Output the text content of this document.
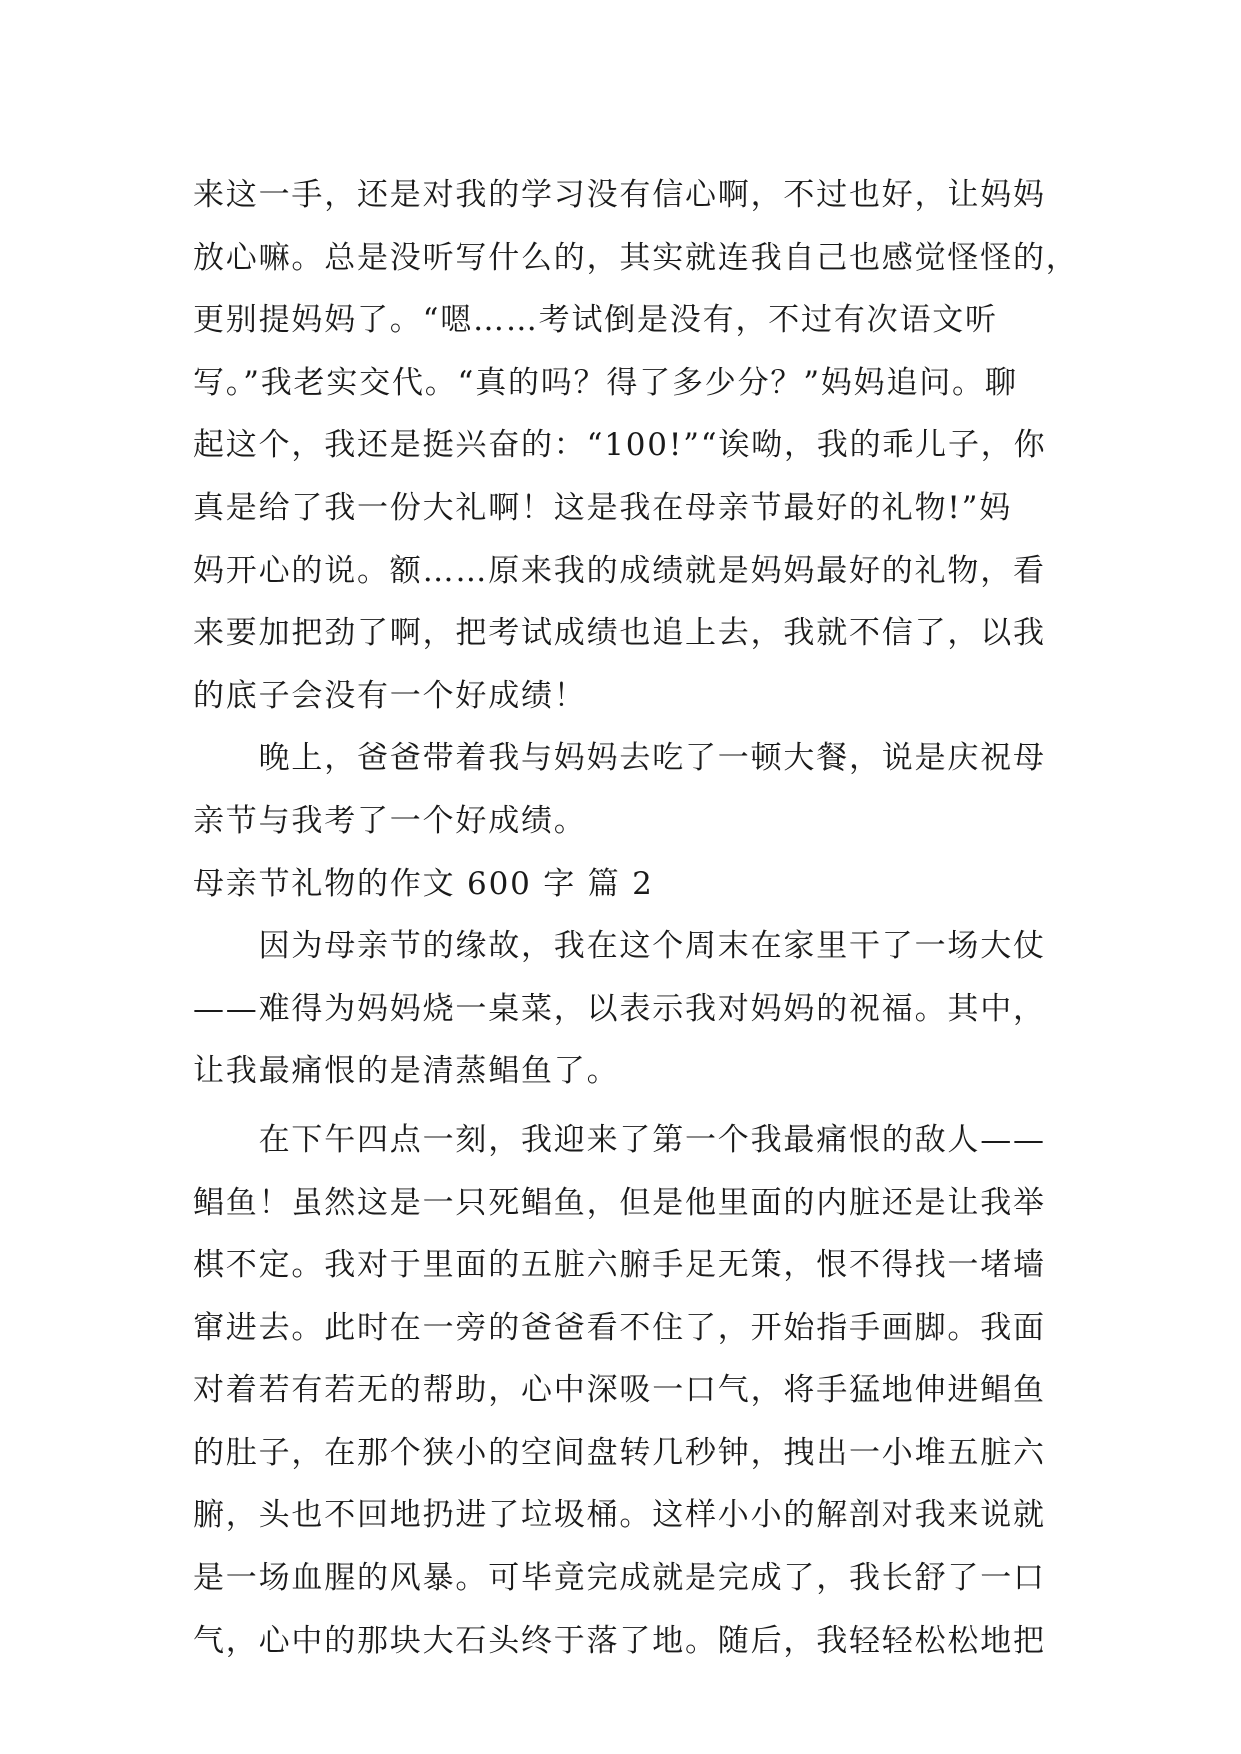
来这一手，还是对我的学习没有信心啊，不过也好，让妈妈
放心嘛。总是没听写什么的，其实就连我自己也感觉怪怪的，
更别提妈妈了。“嗯……考试倒是没有，不过有次语文听
写。”我老实交代。“真的吗？得了多少分？”妈妈追问。聊
起这个，我还是挺兴奋的：“100!”“诶呦，我的乖儿子，你
真是给了我一份大礼啊！这是我在母亲节最好的礼物!”妈
妈开心的说。额……原来我的成绩就是妈妈最好的礼物，看
来要加把劲了啊，把考试成绩也追上去，我就不信了，以我
的底子会没有一个好成绩！
　　晚上，爸爸带着我与妈妈去吃了一顿大餐，说是庆祝母
亲节与我考了一个好成绩。
母亲节礼物的作文 600 字 篇 2
　　因为母亲节的缘故，我在这个周末在家里干了一场大仗
——难得为妈妈烧一桌菜，以表示我对妈妈的祝福。其中，
让我最痛恨的是清蒸鲳鱼了。
　　在下午四点一刻，我迎来了第一个我最痛恨的敌人——
鲳鱼！虽然这是一只死鲳鱼，但是他里面的内脏还是让我举
棋不定。我对于里面的五脏六腑手足无策，恨不得找一堵墙
窜进去。此时在一旁的爸爸看不住了，开始指手画脚。我面
对着若有若无的帮助，心中深吸一口气，将手猛地伸进鲳鱼
的肚子，在那个狭小的空间盘转几秒钟，拽出一小堆五脏六
腑，头也不回地扔进了垃圾桶。这样小小的解剖对我来说就
是一场血腥的风暴。可毕竟完成就是完成了，我长舒了一口
气，心中的那块大石头终于落了地。随后，我轻轻松松地把
